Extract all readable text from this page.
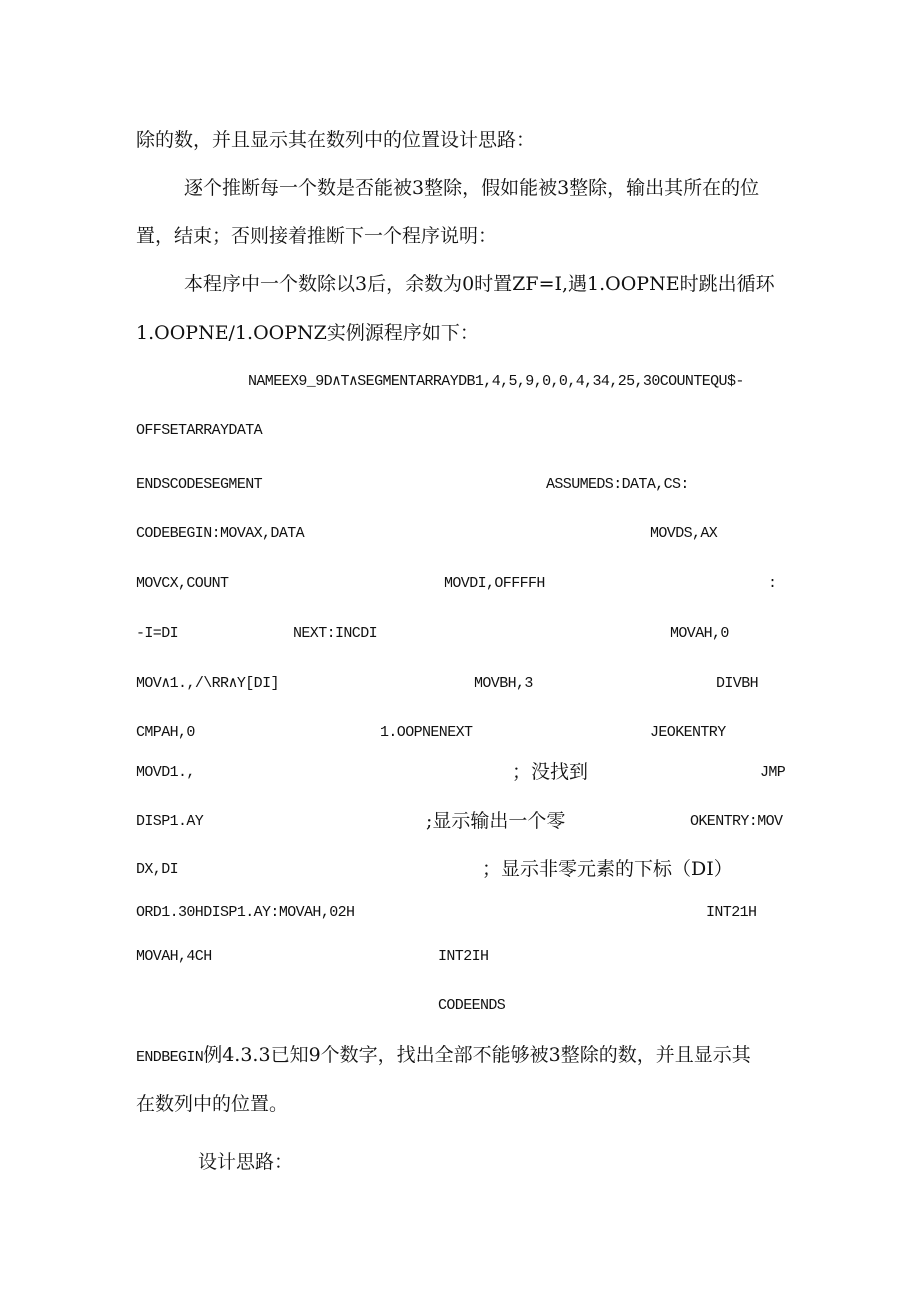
除的数，并且显示其在数列中的位置设计思路：
逐个推断每一个数是否能被3整除，假如能被3整除，输出其所在的位
置，结束；否则接着推断下一个程序说明：
本程序中一个数除以3后，余数为0时置ZF=I,遇1.OOPNE时跳出循环
1.OOPNE/1.OOPNZ实例源程序如下：
NAMEEX9_9D∧T∧SEGMENTARRAYDB1,4,5,9,0,0,4,34,25,30COUNTEQU$-
OFFSETARRAYDATA
ENDSCODESEGMENT	ASSUMEDS:DATA,CS:
CODEBEGIN:MOVAX,DATA	MOVDS,AX
MOVCX,COUNT	MOVDI,OFFFFH	:
-I=DI	NEXT:INCDI	MOVAH,0
MOV∧1.,/\RR∧Y[DI]	MOVBH,3	DIVBH
CMPAH,0	1.OOPNENEXT	JEOKENTRY
MOVD1.,	；没找到	JMP
DISP1.AY	;显示输出一个零	OKENTRY:MOV
DX,DI	；显示非零元素的下标（DI）
ORD1.30HDISP1.AY:MOVAH,02H	INT21H
MOVAH,4CH	INT2IH
CODEENDS
ENDBEGIN例4.3.3已知9个数字，找出全部不能够被3整除的数，并且显示其
在数列中的位置。
设计思路：
